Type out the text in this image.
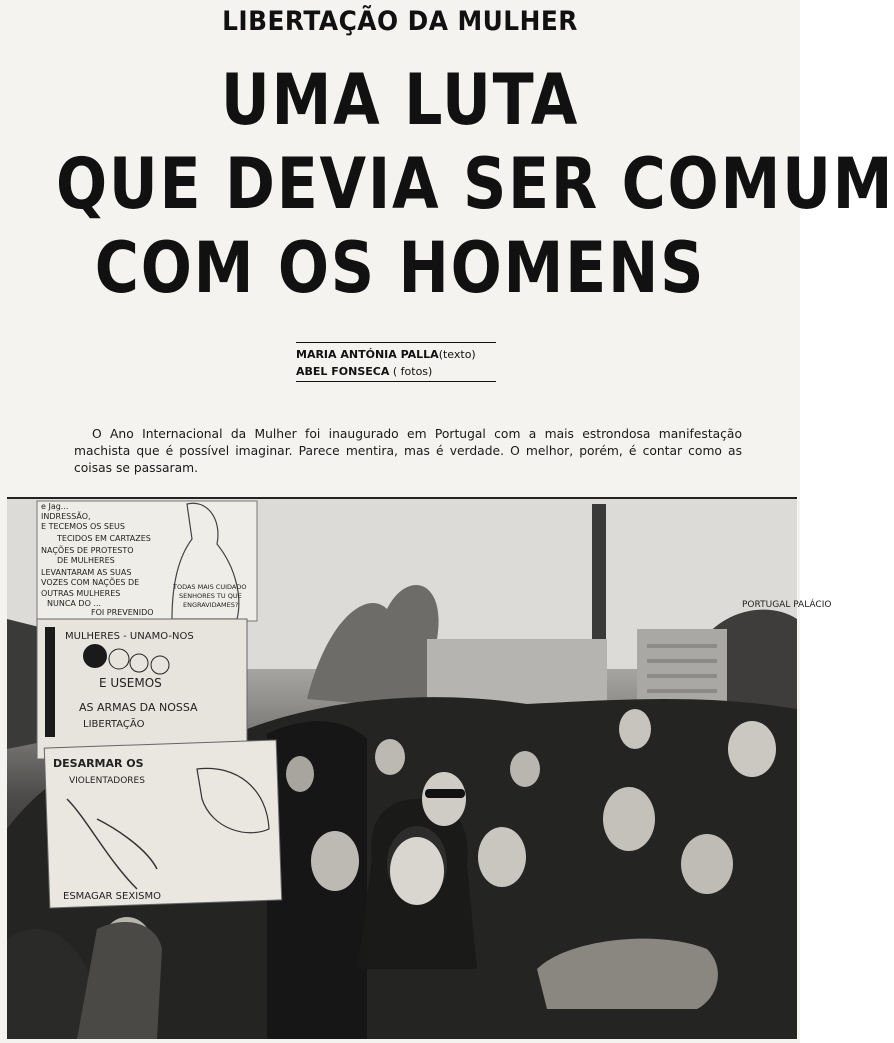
LIBERTAÇÃO DA MULHER
UMA LUTA
QUE DEVIA SER COMUM
COM OS HOMENS
MARIA ANTÓNIA PALLA(texto)
ABEL FONSECA ( fotos)

O Ano Internacional da Mulher foi inaugurado em Portugal com a mais estrondosa manifestação machista que é possível imaginar. Parece mentira, mas é verdade. O melhor, porém, é contar como as coisas se passaram.

PORTUGAL PALÁCIO
e Jag...
INDRESSÃO,
E TECEMOS OS SEUS
TECIDOS EM CARTAZES
NAÇÕES DE PROTESTO
DE MULHERES
LEVANTARAM AS SUAS
VOZES COM NAÇÕES DE
OUTRAS MULHERES
NUNCA DO ...
FOI PREVENIDO
TODAS MAIS CUIDADO
SENHORES TU QUE
ENGRAVIDAMES?
MULHERES - UNAMO-NOS
E USEMOS
AS ARMAS DA NOSSA
LIBERTAÇÃO
DESARMAR OS
VIOLENTADORES
ESMAGAR SEXISMO
